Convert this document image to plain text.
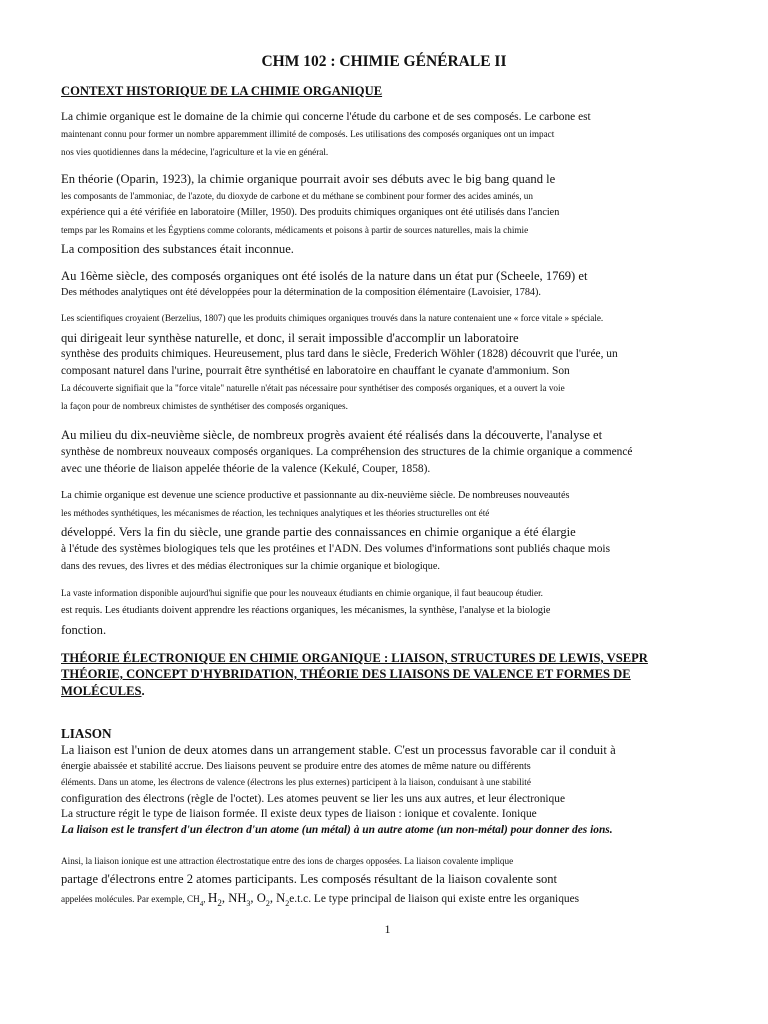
CHM 102 : CHIMIE GÉNÉRALE II
CONTEXT HISTORIQUE DE LA CHIMIE ORGANIQUE
La chimie organique est le domaine de la chimie qui concerne l'étude du carbone et de ses composés. Le carbone est
maintenant connu pour former un nombre apparemment illimité de composés. Les utilisations des composés organiques ont un impact
nos vies quotidiennes dans la médecine, l'agriculture et la vie en général.
En théorie (Oparin, 1923), la chimie organique pourrait avoir ses débuts avec le big bang quand le
les composants de l'ammoniac, de l'azote, du dioxyde de carbone et du méthane se combinent pour former des acides aminés, un
expérience qui a été vérifiée en laboratoire (Miller, 1950). Des produits chimiques organiques ont été utilisés dans l'ancien
temps par les Romains et les Égyptiens comme colorants, médicaments et poisons à partir de sources naturelles, mais la chimie
La composition des substances était inconnue.
Au 16ème siècle, des composés organiques ont été isolés de la nature dans un état pur (Scheele, 1769) et
Des méthodes analytiques ont été développées pour la détermination de la composition élémentaire (Lavoisier, 1784).
Les scientifiques croyaient (Berzelius, 1807) que les produits chimiques organiques trouvés dans la nature contenaient une « force vitale » spéciale.
qui dirigeait leur synthèse naturelle, et donc, il serait impossible d'accomplir un laboratoire
synthèse des produits chimiques. Heureusement, plus tard dans le siècle, Frederich Wöhler (1828) découvrit que l'urée, un
composant naturel dans l'urine, pourrait être synthétisé en laboratoire en chauffant le cyanate d'ammonium. Son
La découverte signifiait que la "force vitale" naturelle n'était pas nécessaire pour synthétiser des composés organiques, et a ouvert la voie
la façon pour de nombreux chimistes de synthétiser des composés organiques.
Au milieu du dix-neuvième siècle, de nombreux progrès avaient été réalisés dans la découverte, l'analyse et
synthèse de nombreux nouveaux composés organiques. La compréhension des structures de la chimie organique a commencé
avec une théorie de liaison appelée théorie de la valence (Kekulé, Couper, 1858).
La chimie organique est devenue une science productive et passionnante au dix-neuvième siècle. De nombreuses nouveautés
les méthodes synthétiques, les mécanismes de réaction, les techniques analytiques et les théories structurelles ont été
développé. Vers la fin du siècle, une grande partie des connaissances en chimie organique a été élargie
à l'étude des systèmes biologiques tels que les protéines et l'ADN. Des volumes d'informations sont publiés chaque mois
dans des revues, des livres et des médias électroniques sur la chimie organique et biologique.
La vaste information disponible aujourd'hui signifie que pour les nouveaux étudiants en chimie organique, il faut beaucoup étudier.
est requis. Les étudiants doivent apprendre les réactions organiques, les mécanismes, la synthèse, l'analyse et la biologie
fonction.
THÉORIE ÉLECTRONIQUE EN CHIMIE ORGANIQUE : LIAISON, STRUCTURES DE LEWIS, VSEPR
THÉORIE, CONCEPT D'HYBRIDATION, THÉORIE DES LIAISONS DE VALENCE ET FORMES DE
MOLÉCULES.
LIASON
La liaison est l'union de deux atomes dans un arrangement stable. C'est un processus favorable car il conduit à
énergie abaissée et stabilité accrue. Des liaisons peuvent se produire entre des atomes de même nature ou différents
éléments. Dans un atome, les électrons de valence (électrons les plus externes) participent à la liaison, conduisant à une stabilité
configuration des électrons (règle de l'octet). Les atomes peuvent se lier les uns aux autres, et leur électronique
La structure régit le type de liaison formée. Il existe deux types de liaison : ionique et covalente. Ionique
La liaison est le transfert d'un électron d'un atome (un métal) à un autre atome (un non-métal) pour donner des ions.
Ainsi, la liaison ionique est une attraction électrostatique entre des ions de charges opposées. La liaison covalente implique
partage d'électrons entre 2 atomes participants. Les composés résultant de la liaison covalente sont
appelées molécules. Par exemple, $CH_4$, $H_2$, $NH_3$, $O_2$, $N_2e.t.c$. Le type principal de liaison qui existe entre les organiques
1
